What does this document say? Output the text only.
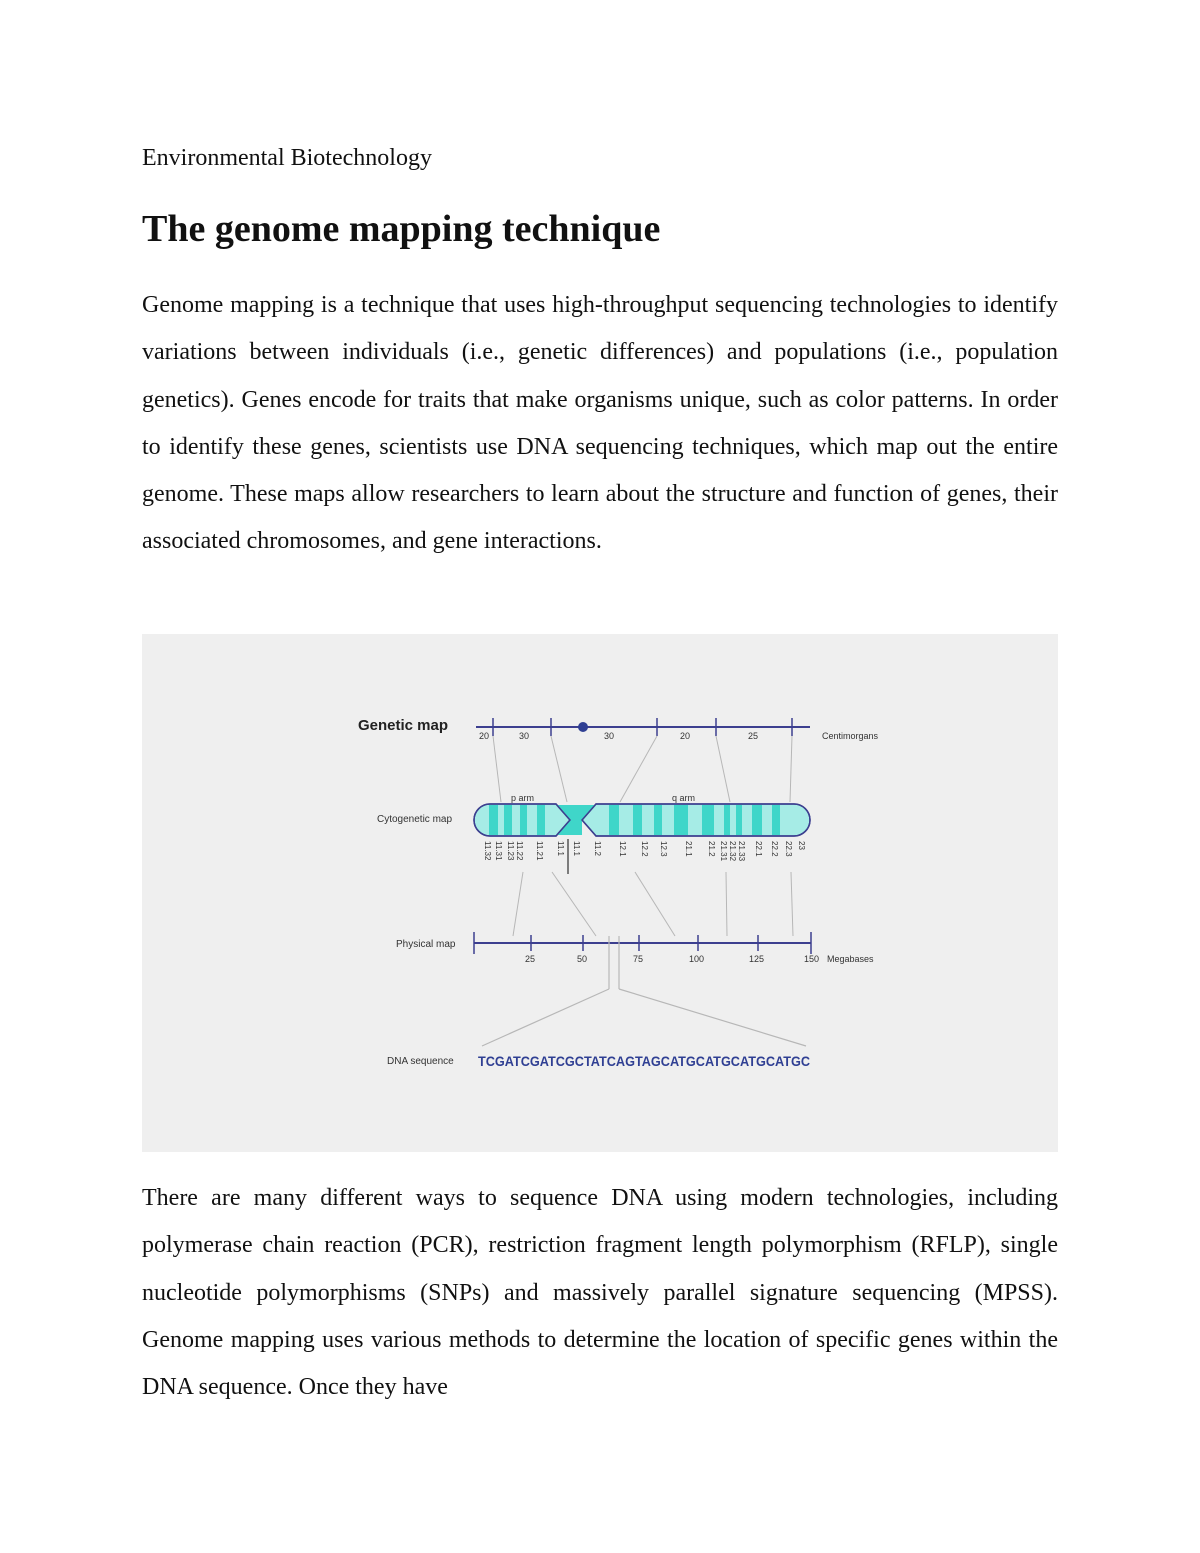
Environmental Biotechnology

The genome mapping technique

Genome mapping is a technique that uses high-throughput sequencing technologies to identify variations between individuals (i.e., genetic differences) and populations (i.e., population genetics). Genes encode for traits that make organisms unique, such as color patterns. In order to identify these genes, scientists use DNA sequencing techniques, which map out the entire genome. These maps allow researchers to learn about the structure and function of genes, their associated chromosomes, and gene interactions.

Genetic map
20	30	30	20	25	Centimorgans
Cytogenetic map
p arm	q arm
11.32 11.31 11.23 11.22 11.21 11.1 11.1 11.2 12.1 12.2 12.3 21.1 21.2 21.31 21.32 21.33 22.1 22.2 22.3 23
Physical map
25	50	75	100	125	150 Megabases
DNA sequence TCGATCGATCGCTATCAGTAGCATGCATGCATGCATGC

There are many different ways to sequence DNA using modern technologies, including polymerase chain reaction (PCR), restriction fragment length polymorphism (RFLP), single nucleotide polymorphisms (SNPs) and massively parallel signature sequencing (MPSS). Genome mapping uses various methods to determine the location of specific genes within the DNA sequence. Once they have
